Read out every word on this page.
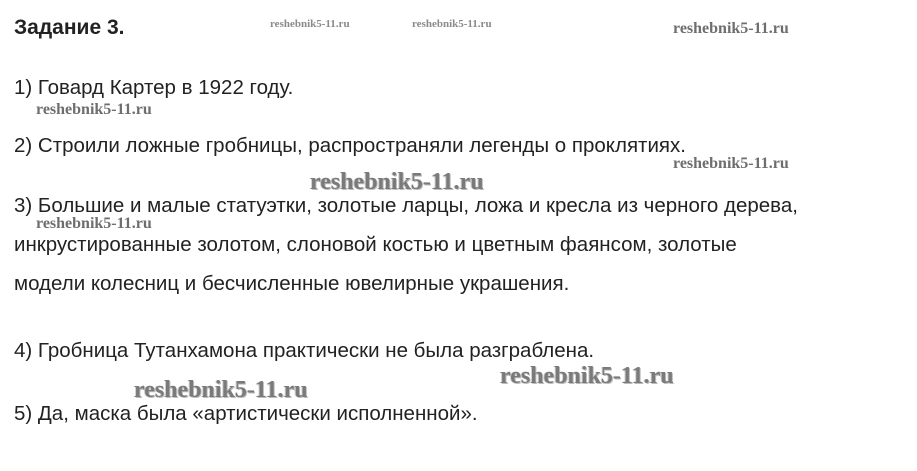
Задание 3.	reshebnik5-11.ru	reshebnik5-11.ru	reshebnik5-11.ru
reshebnik5-11.ru
reshebnik5-11.ru
reshebnik5-11.ru
reshebnik5-11.ru
reshebnik5-11.ru
reshebnik5-11.ru
1) Говард Картер в 1922 году.
2) Строили ложные гробницы, распространяли легенды о проклятиях.
3) Большие и малые статуэтки, золотые ларцы, ложа и кресла из черного дерева,
инкрустированные золотом, слоновой костью и цветным фаянсом, золотые
модели колесниц и бесчисленные ювелирные украшения.
4) Гробница Тутанхамона практически не была разграблена.
5) Да, маска была «артистически исполненной».
